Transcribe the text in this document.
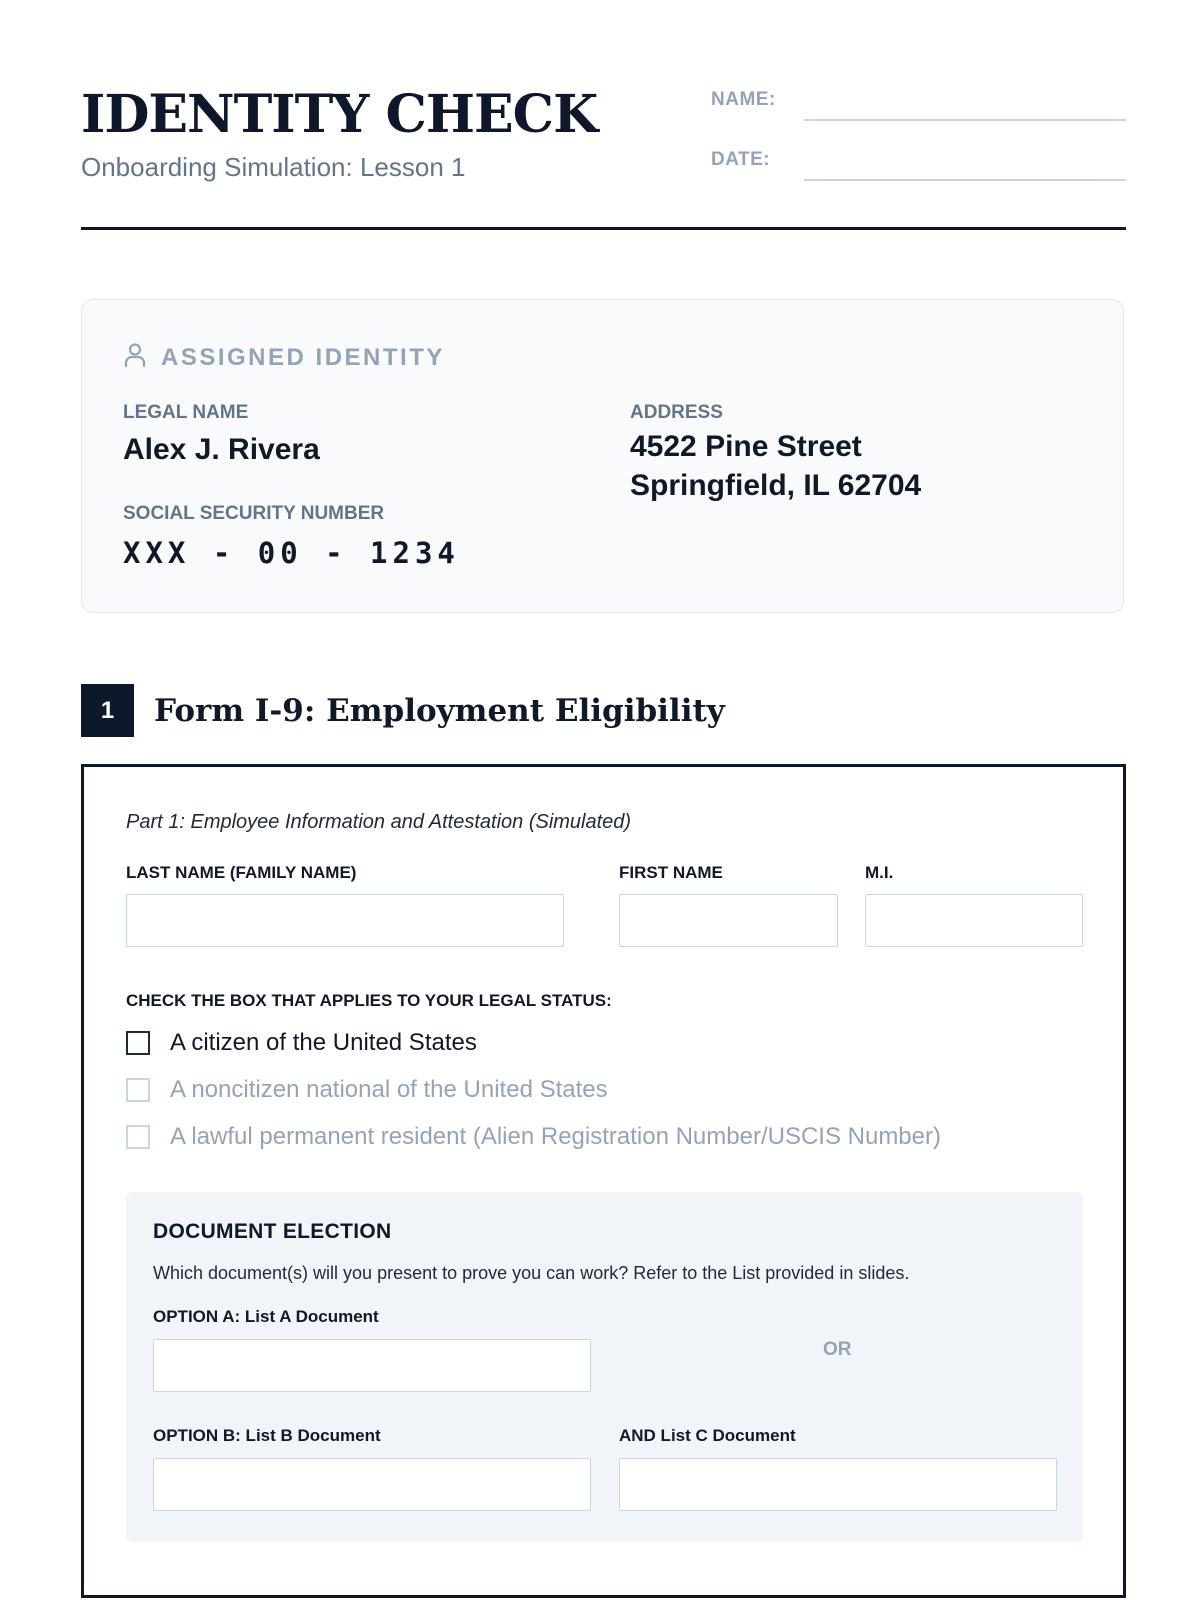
IDENTITY CHECK
Onboarding Simulation: Lesson 1
NAME:
DATE:
ASSIGNED IDENTITY
LEGAL NAME
Alex J. Rivera
SOCIAL SECURITY NUMBER
XXX - 00 - 1234
ADDRESS
4522 Pine Street
Springfield, IL 62704
1	Form I-9: Employment Eligibility
Part 1: Employee Information and Attestation (Simulated)
LAST NAME (FAMILY NAME)	FIRST NAME	M.I.
CHECK THE BOX THAT APPLIES TO YOUR LEGAL STATUS:
A citizen of the United States
A noncitizen national of the United States
A lawful permanent resident (Alien Registration Number/USCIS Number)
DOCUMENT ELECTION
Which document(s) will you present to prove you can work? Refer to the List provided in slides.
OPTION A: List A Document
OR
OPTION B: List B Document	AND List C Document
